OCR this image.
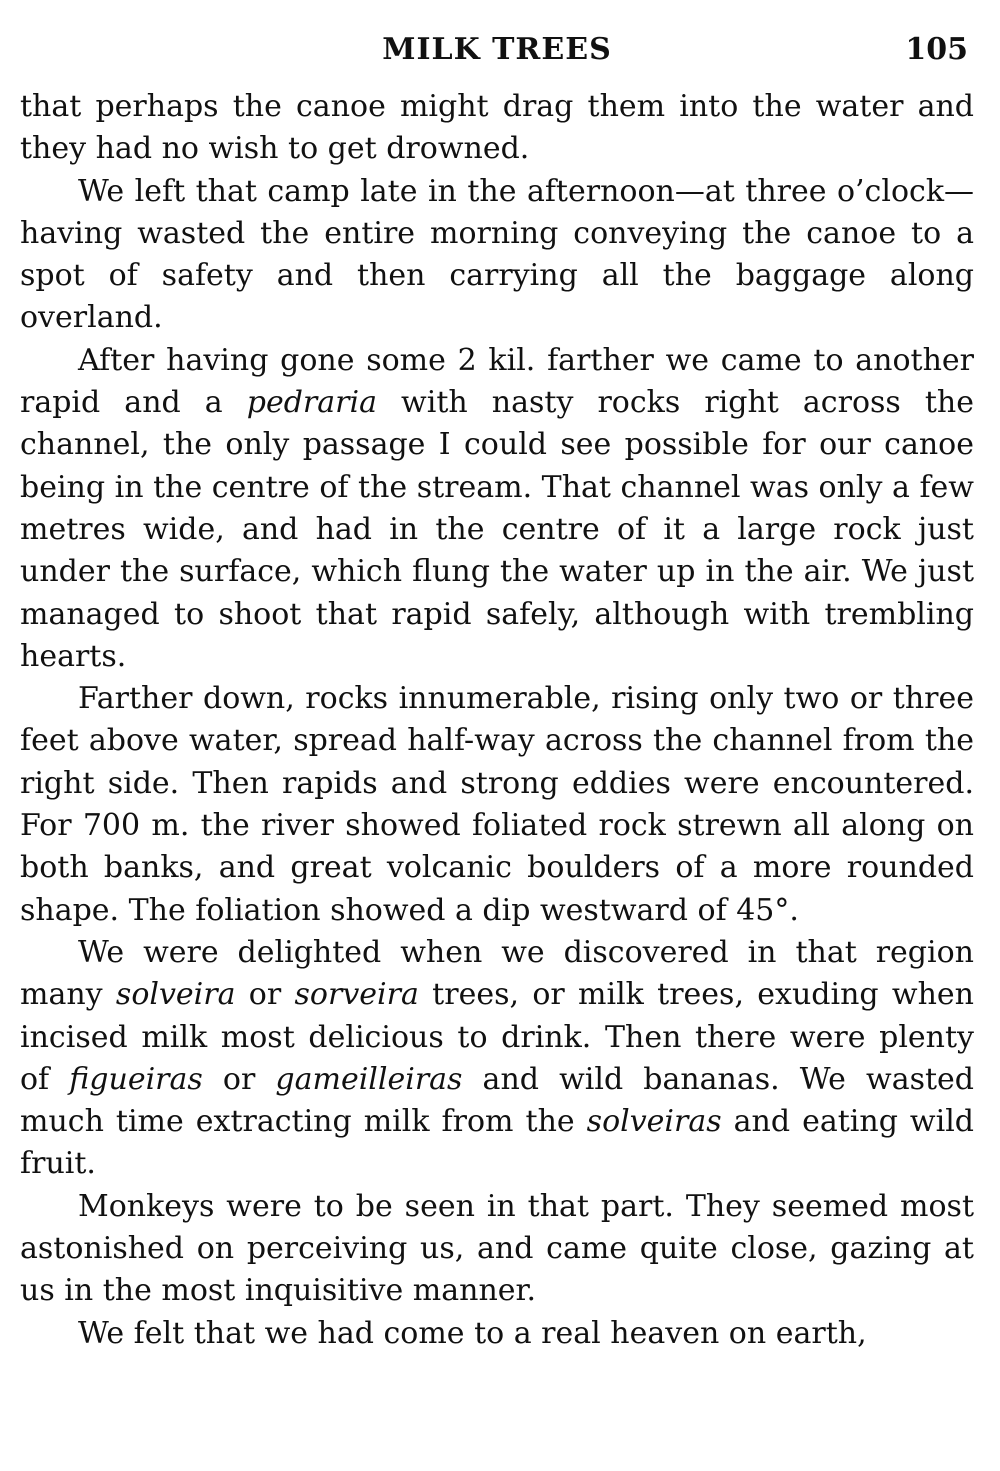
MILK TREES	105

that perhaps the canoe might drag them into the water and they had no wish to get drowned.

We left that camp late in the afternoon—at three o’clock—having wasted the entire morning conveying the canoe to a spot of safety and then carrying all the baggage along overland.

After having gone some 2 kil. farther we came to another rapid and a pedraria with nasty rocks right across the channel, the only passage I could see possible for our canoe being in the centre of the stream. That channel was only a few metres wide, and had in the centre of it a large rock just under the surface, which flung the water up in the air. We just managed to shoot that rapid safely, although with trembling hearts.

Farther down, rocks innumerable, rising only two or three feet above water, spread half-way across the channel from the right side. Then rapids and strong eddies were encountered. For 700 m. the river showed foliated rock strewn all along on both banks, and great volcanic boulders of a more rounded shape. The foliation showed a dip westward of 45°.

We were delighted when we discovered in that region many solveira or sorveira trees, or milk trees, exuding when incised milk most delicious to drink. Then there were plenty of figueiras or gameilleiras and wild bananas. We wasted much time extracting milk from the solveiras and eating wild fruit.

Monkeys were to be seen in that part. They seemed most astonished on perceiving us, and came quite close, gazing at us in the most inquisitive manner.

We felt that we had come to a real heaven on earth,
